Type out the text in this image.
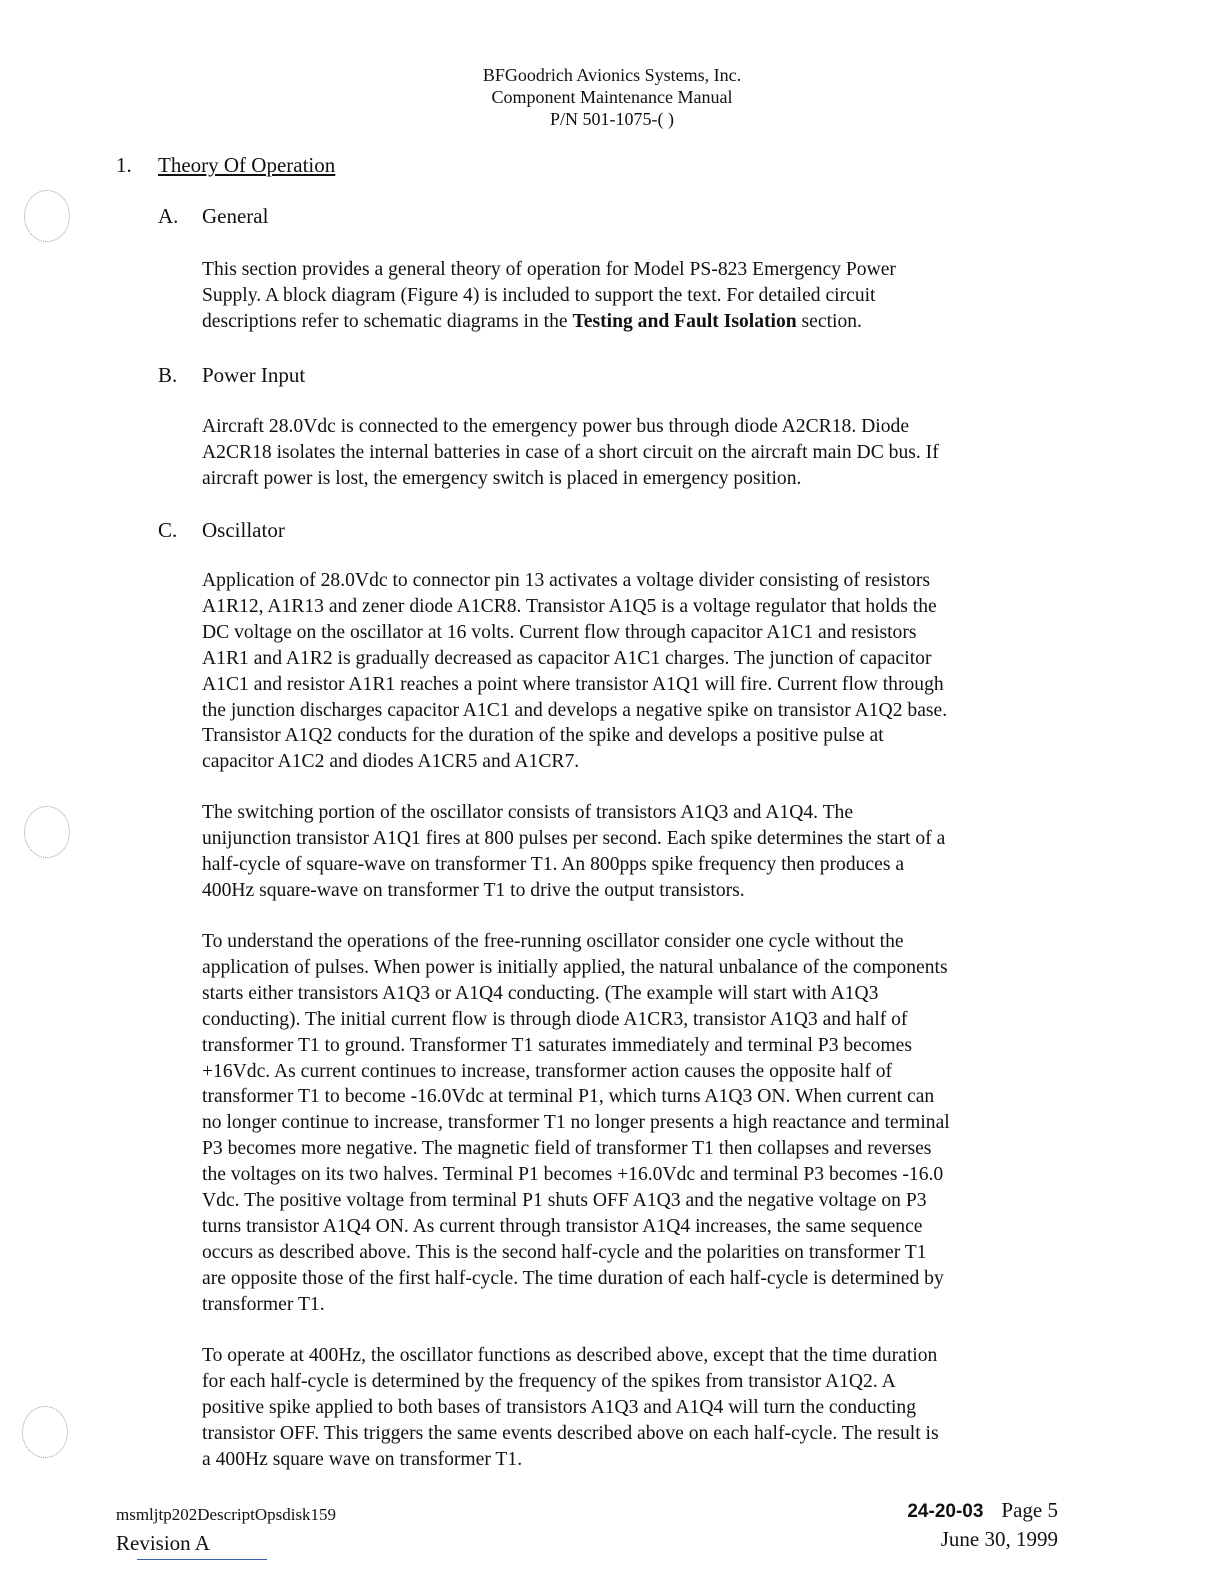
BFGoodrich Avionics Systems, Inc.
Component Maintenance Manual
P/N 501-1075-( )
1. Theory Of Operation
A. General
This section provides a general theory of operation for Model PS-823 Emergency Power
Supply. A block diagram (Figure 4) is included to support the text. For detailed circuit
descriptions refer to schematic diagrams in the Testing and Fault Isolation section.
B. Power Input
Aircraft 28.0Vdc is connected to the emergency power bus through diode A2CR18. Diode
A2CR18 isolates the internal batteries in case of a short circuit on the aircraft main DC bus. If
aircraft power is lost, the emergency switch is placed in emergency position.
C. Oscillator
Application of 28.0Vdc to connector pin 13 activates a voltage divider consisting of resistors
A1R12, A1R13 and zener diode A1CR8. Transistor A1Q5 is a voltage regulator that holds the
DC voltage on the oscillator at 16 volts. Current flow through capacitor A1C1 and resistors
A1R1 and A1R2 is gradually decreased as capacitor A1C1 charges. The junction of capacitor
A1C1 and resistor A1R1 reaches a point where transistor A1Q1 will fire. Current flow through
the junction discharges capacitor A1C1 and develops a negative spike on transistor A1Q2 base.
Transistor A1Q2 conducts for the duration of the spike and develops a positive pulse at
capacitor A1C2 and diodes A1CR5 and A1CR7.
The switching portion of the oscillator consists of transistors A1Q3 and A1Q4. The
unijunction transistor A1Q1 fires at 800 pulses per second. Each spike determines the start of a
half-cycle of square-wave on transformer T1. An 800pps spike frequency then produces a
400Hz square-wave on transformer T1 to drive the output transistors.
To understand the operations of the free-running oscillator consider one cycle without the
application of pulses. When power is initially applied, the natural unbalance of the components
starts either transistors A1Q3 or A1Q4 conducting. (The example will start with A1Q3
conducting). The initial current flow is through diode A1CR3, transistor A1Q3 and half of
transformer T1 to ground. Transformer T1 saturates immediately and terminal P3 becomes
+16Vdc. As current continues to increase, transformer action causes the opposite half of
transformer T1 to become -16.0Vdc at terminal P1, which turns A1Q3 ON. When current can
no longer continue to increase, transformer T1 no longer presents a high reactance and terminal
P3 becomes more negative. The magnetic field of transformer T1 then collapses and reverses
the voltages on its two halves. Terminal P1 becomes +16.0Vdc and terminal P3 becomes -16.0
Vdc. The positive voltage from terminal P1 shuts OFF A1Q3 and the negative voltage on P3
turns transistor A1Q4 ON. As current through transistor A1Q4 increases, the same sequence
occurs as described above. This is the second half-cycle and the polarities on transformer T1
are opposite those of the first half-cycle. The time duration of each half-cycle is determined by
transformer T1.
To operate at 400Hz, the oscillator functions as described above, except that the time duration
for each half-cycle is determined by the frequency of the spikes from transistor A1Q2. A
positive spike applied to both bases of transistors A1Q3 and A1Q4 will turn the conducting
transistor OFF. This triggers the same events described above on each half-cycle. The result is
a 400Hz square wave on transformer T1.
msmljtp202DescriptOpsdisk159
Revision A
24-20-03 Page 5
June 30, 1999
